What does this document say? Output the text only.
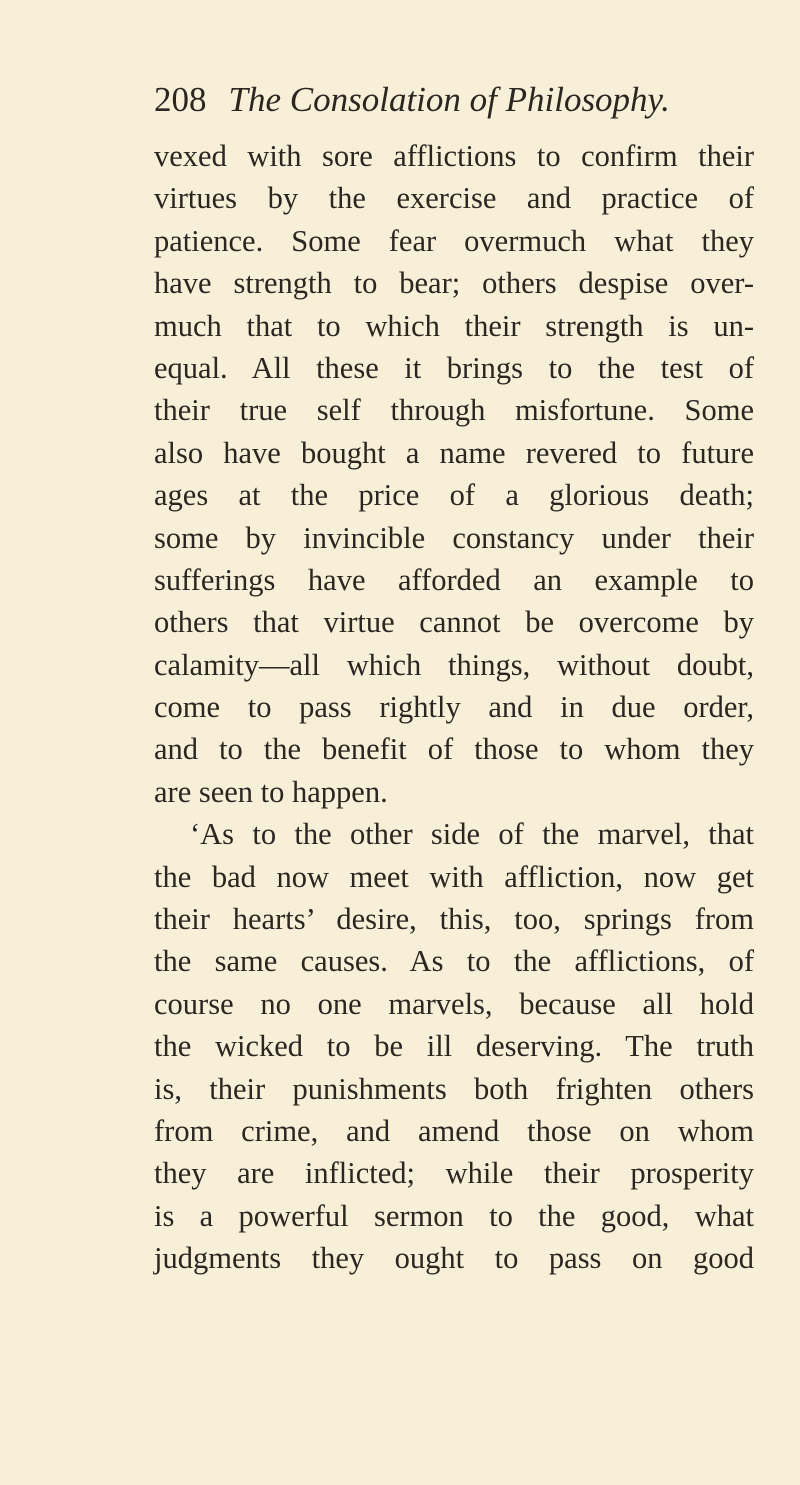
208 The Consolation of Philosophy.
vexed with sore afflictions to confirm their
virtues by the exercise and practice of
patience. Some fear overmuch what they
have strength to bear; others despise over-
much that to which their strength is un-
equal. All these it brings to the test of
their true self through misfortune. Some
also have bought a name revered to future
ages at the price of a glorious death;
some by invincible constancy under their
sufferings have afforded an example to
others that virtue cannot be overcome by
calamity—all which things, without doubt,
come to pass rightly and in due order,
and to the benefit of those to whom they
are seen to happen.
‘As to the other side of the marvel, that
the bad now meet with affliction, now get
their hearts’ desire, this, too, springs from
the same causes. As to the afflictions, of
course no one marvels, because all hold
the wicked to be ill deserving. The truth
is, their punishments both frighten others
from crime, and amend those on whom
they are inflicted; while their prosperity
is a powerful sermon to the good, what
judgments they ought to pass on good
